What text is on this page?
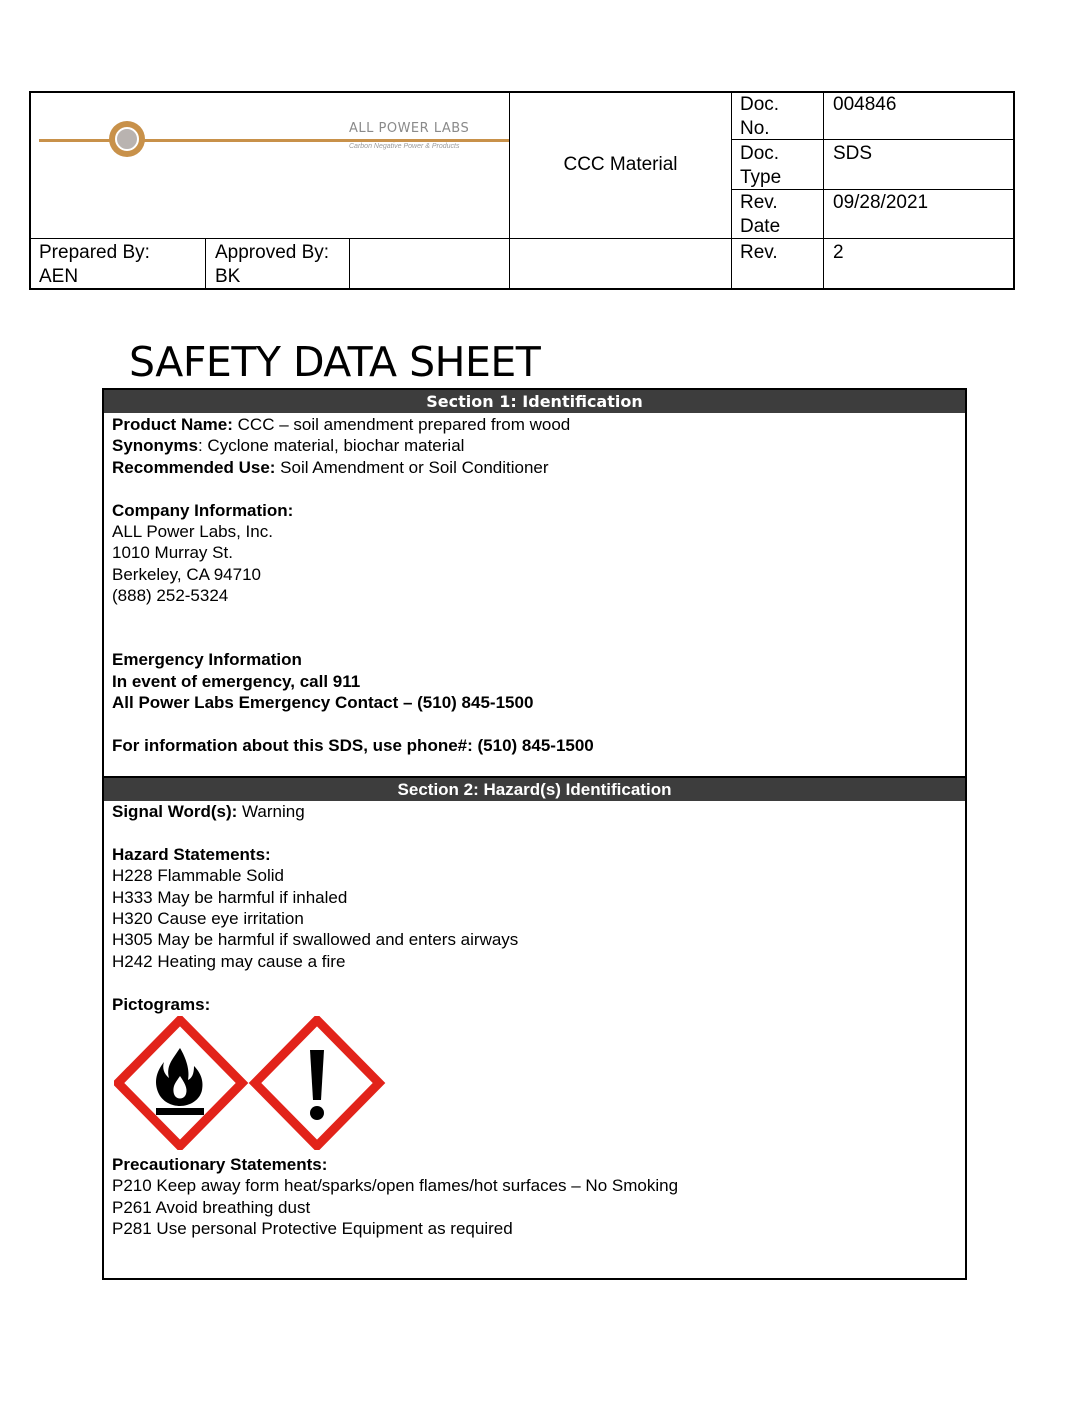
ALL POWER LABS
Carbon Negative Power & Products
CCC Material
Doc.
No.
004846
Doc.
Type
SDS
Rev.
Date
09/28/2021
Prepared By:
AEN
Approved By:
BK
Rev.	2
SAFETY DATA SHEET
Section 1: Identification

Product Name: CCC – soil amendment prepared from wood

Synonyms: Cyclone material, biochar material

Recommended Use: Soil Amendment or Soil Conditioner

Company Information:

ALL Power Labs, Inc.

1010 Murray St.

Berkeley, CA 94710

(888) 252-5324

Emergency Information

In event of emergency, call 911

All Power Labs Emergency Contact – (510) 845-1500

For information about this SDS, use phone#: (510) 845-1500

Section 2: Hazard(s) Identification

Signal Word(s): Warning

Hazard Statements:

H228 Flammable Solid

H333 May be harmful if inhaled

H320 Cause eye irritation

H305 May be harmful if swallowed and enters airways

H242 Heating may cause a fire

Pictograms:

Precautionary Statements:

P210 Keep away form heat/sparks/open flames/hot surfaces – No Smoking

P261 Avoid breathing dust

P281 Use personal Protective Equipment as required
